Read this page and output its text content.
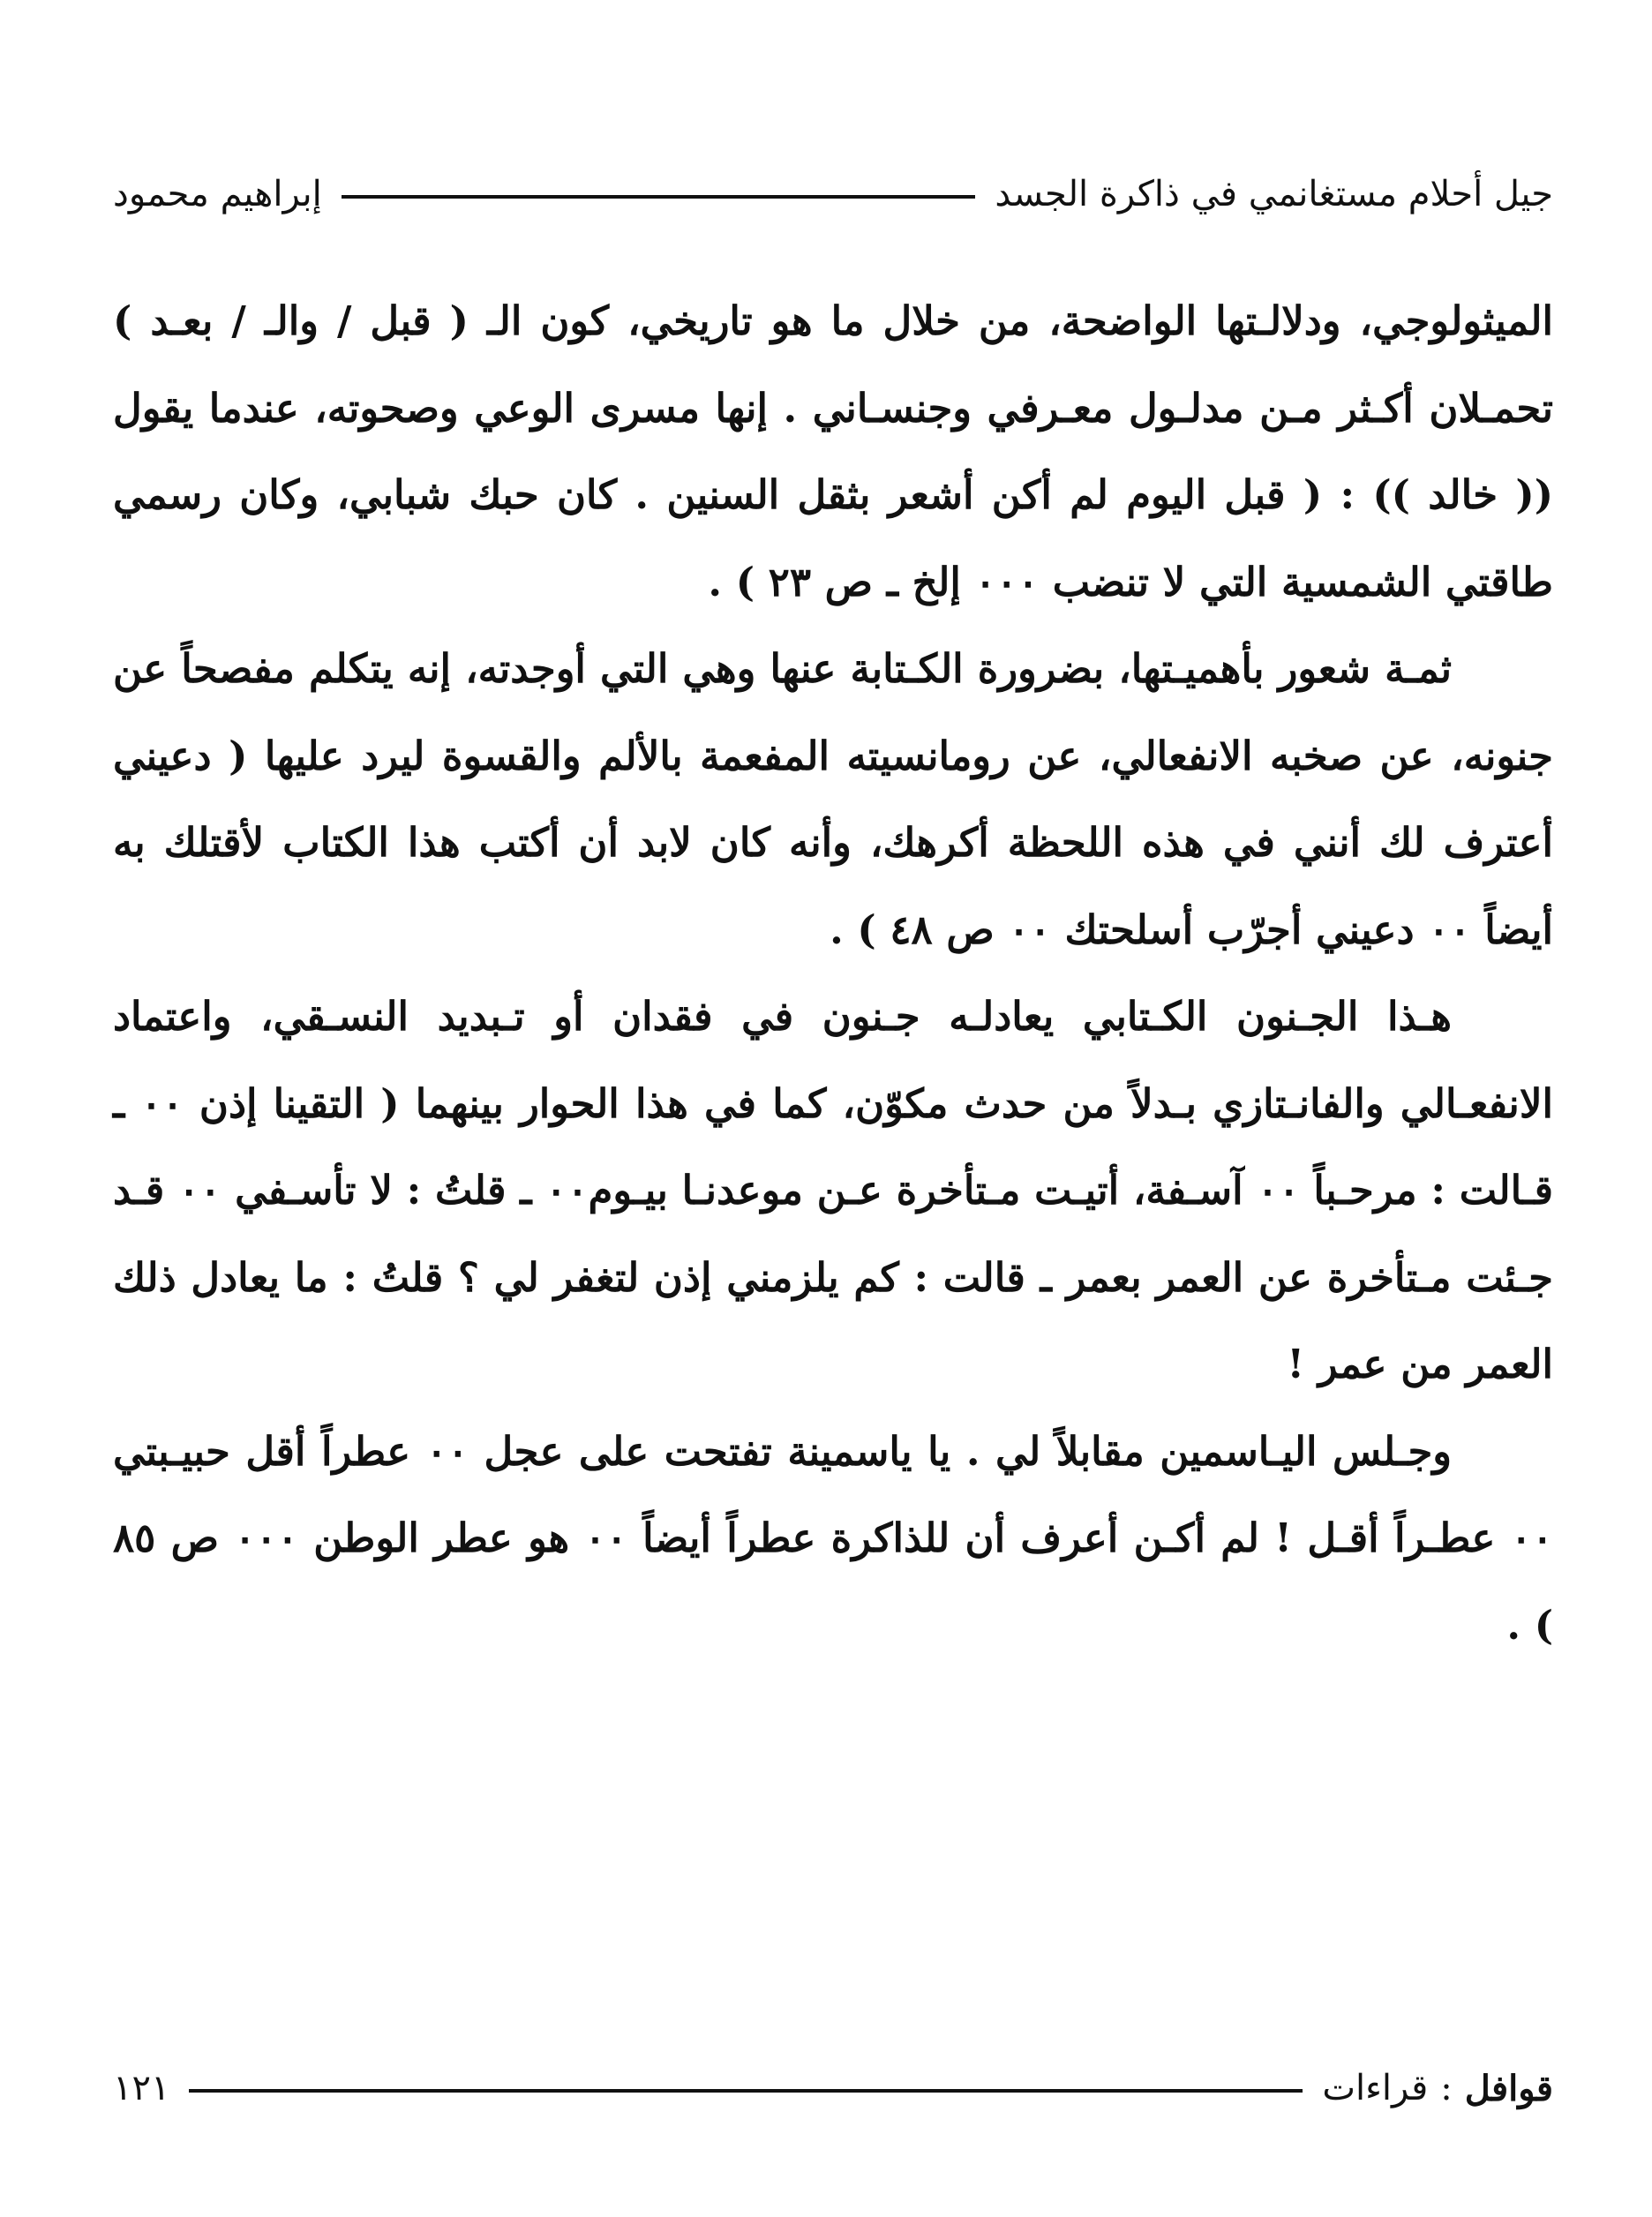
جيل أحلام مستغانمي في ذاكرة الجسد
إبراهيم محمود

الميثولوجي، ودلالـتها الواضحة، من خلال ما هو تاريخي، كون الـ ( قبل / والـ / بعـد ) تحمـلان أكـثر مـن مدلـول معـرفي وجنسـاني . إنها مسرى الوعي وصحوته، عندما يقول (( خالد )) : ( قبل اليوم لم أكن أشعر بثقل السنين . كان حبك شبابي، وكان رسمي طاقتي الشمسية التي لا تنضب ٠٠٠ إلخ ـ ص ٢٣ ) .

ثمـة شعور بأهميـتها، بضرورة الكـتابة عنها وهي التي أوجدته، إنه يتكلم مفصحاً عن جنونه، عن صخبه الانفعالي، عن رومانسيته المفعمة بالألم والقسوة ليرد عليها ( دعيني أعترف لك أنني في هذه اللحظة أكرهك، وأنه كان لابد أن أكتب هذا الكتاب لأقتلك به أيضاً ٠٠ دعيني أجرّب أسلحتك ٠٠ ص ٤٨ ) .

هـذا الجـنون الكـتابي يعادلـه جـنون في فقدان أو تـبديد النسـقي، واعتماد الانفعـالي والفانـتازي بـدلاً من حدث مكوّن، كما في هذا الحوار بينهما ( التقينا إذن ٠٠ ـ قـالت : مرحـباً ٠٠ آسـفة، أتيـت مـتأخرة عـن موعدنـا بيـوم٠٠ ـ قلتُ : لا تأسـفي ٠٠ قـد جـئت مـتأخرة عن العمر بعمر ـ قالت : كم يلزمني إذن لتغفر لي ؟ قلتُ : ما يعادل ذلك العمر من عمر !

وجـلس اليـاسمين مقابلاً لي . يا ياسمينة تفتحت على عجل ٠٠ عطراً أقل حبيـبتي ٠٠ عطـراً أقـل ! لم أكـن أعرف أن للذاكرة عطراً أيضاً ٠٠ هو عطر الوطن ٠٠٠ ص ٨٥ ) .

قوافل
:
قراءات
١٢١
